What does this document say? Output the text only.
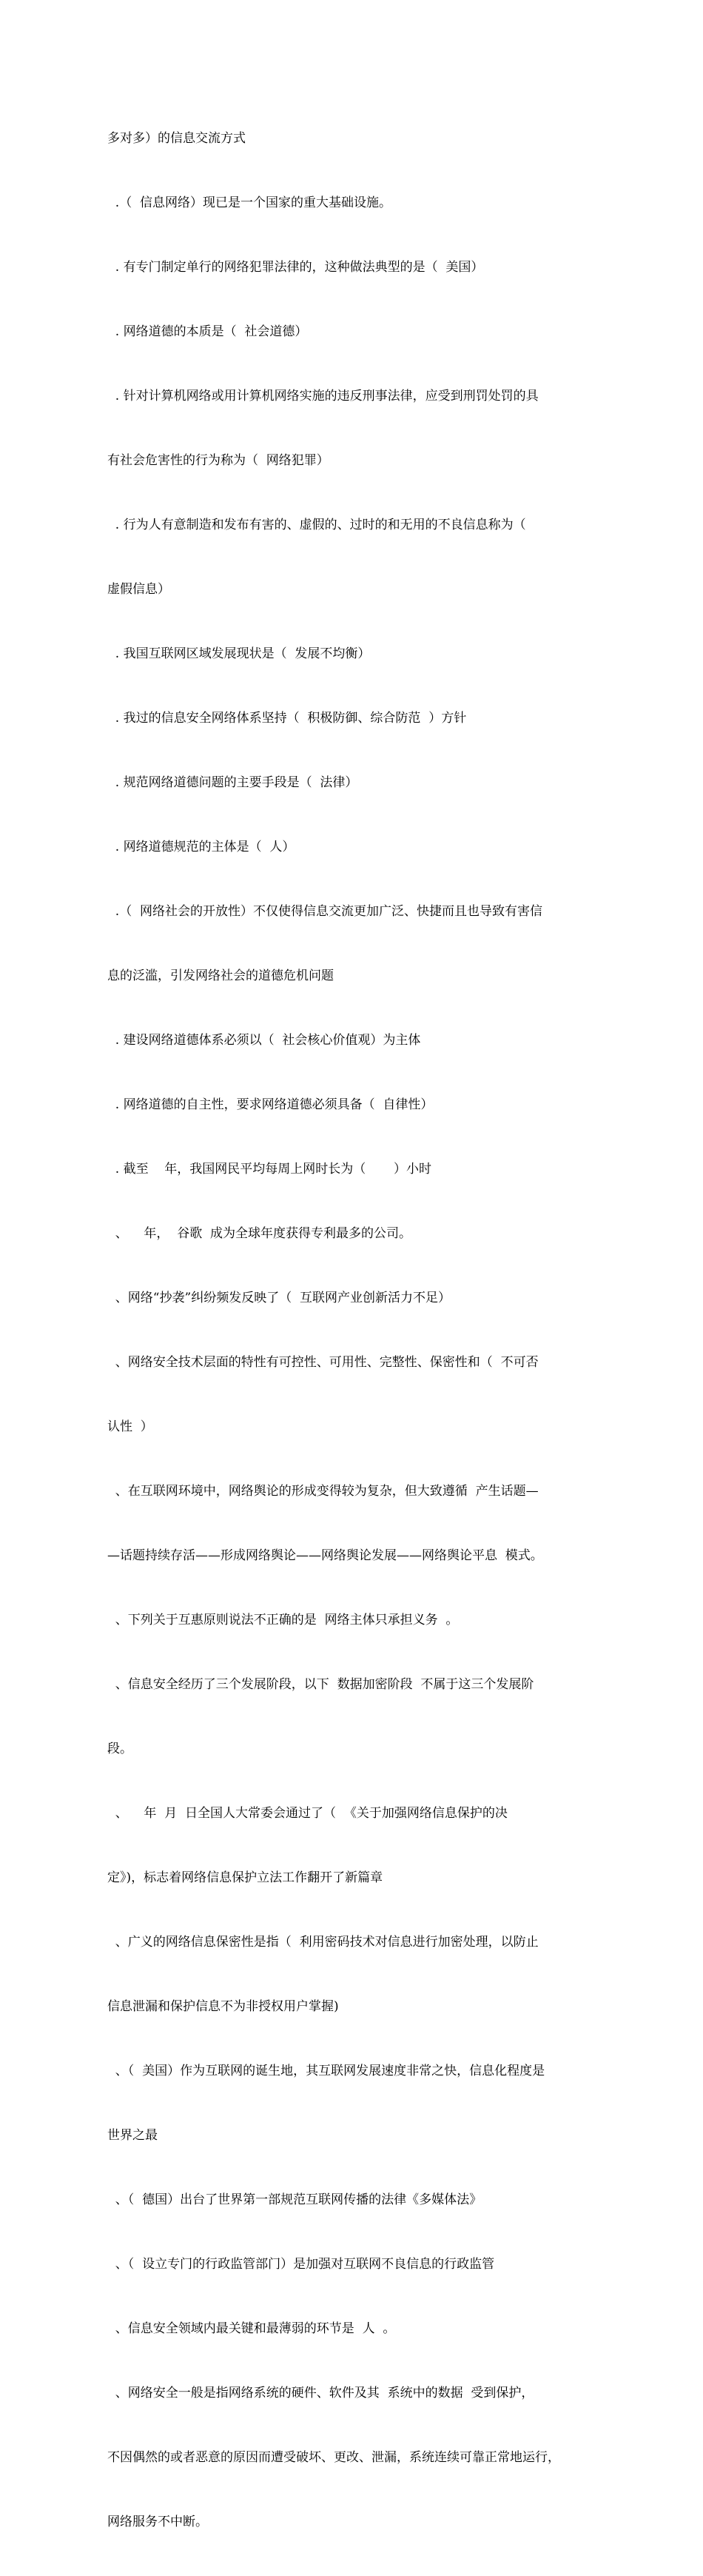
多对多）的信息交流方式

.（  信息网络）现已是一个国家的重大基础设施。

. 有专门制定单行的网络犯罪法律的，这种做法典型的是（  美国）

. 网络道德的本质是（  社会道德）

. 针对计算机网络或用计算机网络实施的违反刑事法律，应受到刑罚处罚的具

有社会危害性的行为称为（  网络犯罪）

. 行为人有意制造和发布有害的、虚假的、过时的和无用的不良信息称为（

虚假信息）

. 我国互联网区域发展现状是（  发展不均衡）

. 我过的信息安全网络体系坚持（  积极防御、综合防范  ）方针

. 规范网络道德问题的主要手段是（  法律）

. 网络道德规范的主体是（  人）

.（  网络社会的开放性）不仅使得信息交流更加广泛、快捷而且也导致有害信

息的泛滥，引发网络社会的道德危机问题

. 建设网络道德体系必须以（  社会核心价值观）为主体

. 网络道德的自主性，要求网络道德必须具备（  自律性）

. 截至    年，我国网民平均每周上网时长为（       ）小时

、    年，  谷歌  成为全球年度获得专利最多的公司。

、网络“抄袭”纠纷频发反映了（  互联网产业创新活力不足）

、网络安全技术层面的特性有可控性、可用性、完整性、保密性和（  不可否

认性  ）

、在互联网环境中，网络舆论的形成变得较为复杂，但大致遵循  产生话题—

—话题持续存活——形成网络舆论——网络舆论发展——网络舆论平息  模式。

、下列关于互惠原则说法不正确的是  网络主体只承担义务  。

、信息安全经历了三个发展阶段，以下  数据加密阶段  不属于这三个发展阶

段。

、    年  月  日全国人大常委会通过了（  《关于加强网络信息保护的决

定》)，标志着网络信息保护立法工作翻开了新篇章

、广义的网络信息保密性是指（  利用密码技术对信息进行加密处理，以防止

信息泄漏和保护信息不为非授权用户掌握)

、（  美国）作为互联网的诞生地，其互联网发展速度非常之快，信息化程度是

世界之最

、（  德国）出台了世界第一部规范互联网传播的法律《多媒体法》

、（  设立专门的行政监管部门）是加强对互联网不良信息的行政监管

、信息安全领域内最关键和最薄弱的环节是  人  。

、网络安全一般是指网络系统的硬件、软件及其  系统中的数据  受到保护，

不因偶然的或者恶意的原因而遭受破坏、更改、泄漏，系统连续可靠正常地运行，

网络服务不中断。
